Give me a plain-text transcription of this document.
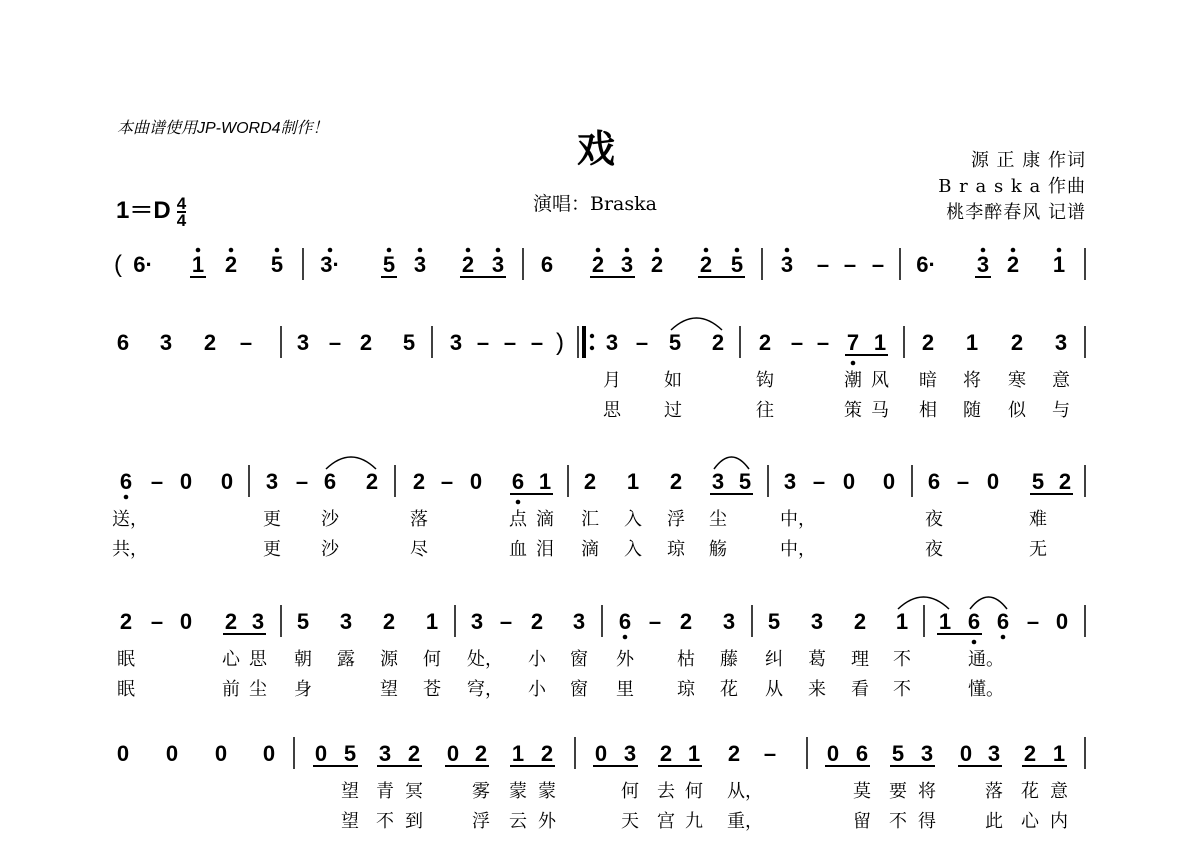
本曲谱使用JP-WORD4制作！	戏
演唱：Braska
源 正 康 作词
B r a s k a 作曲
桃李醉春风 记谱
$1=D \frac{4}{4}$
( 6· 1 2 5 3· 5 3 2 3 6 2 3 2 2 5 3 – – – 6· 3 2 1
6 3 2 – 3 – 2 5 3 – – – ) 3 – 5 2 2 – – 7 1 2 1 2 3
月 如	钩	潮 风 暗 将 寒 意
思 过	往	策 马 相 随 似 与
6 – 0 0 3 – 6 2 2 – 0 6 1 2 1 2 3 5 3 – 0 0 6 – 0 5 2
送，	更 沙	落	点 滴 汇 入 浮 尘	中，	夜	难
共，	更 沙	尽	血 泪 滴 入 琼 觞	中，	夜	无
2 – 0 2 3 5 3 2 1 3 – 2 3 6 – 2 3 5 3 2 1 1 6 6 – 0
眠	心 思 朝 露 源 何 处， 小 窗 外 枯 藤 纠 葛 理 不	通。
眠	前 尘 身	望 苍 穹， 小 窗 里 琼 花 从 来 看 不	懂。
0 0 0 0 0 5 3 2 0 2 1 2 0 3 2 1 2 – 0 6 5 3 0 3 2 1
望 青 冥	雾 蒙 蒙	何 去 何 从，	莫 要 将	落 花 意
望 不 到	浮 云 外	天 宫 九 重，	留 不 得	此 心 内
